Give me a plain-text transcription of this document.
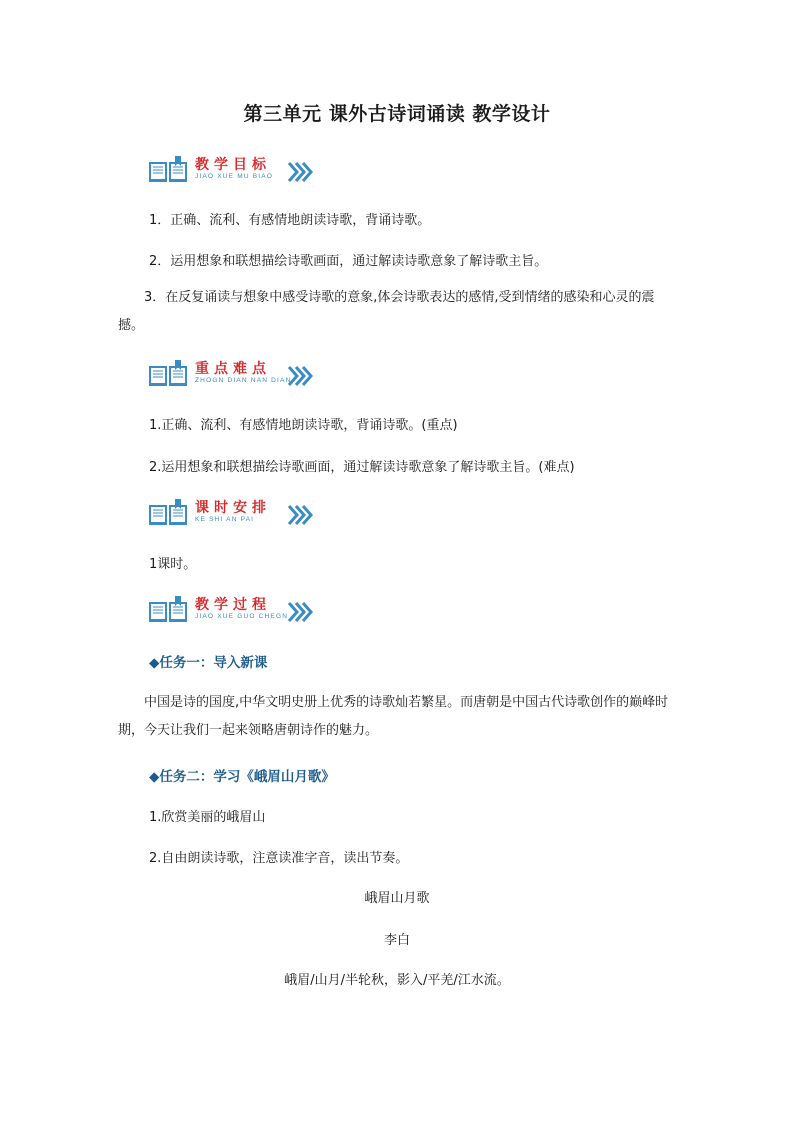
第三单元 课外古诗词诵读 教学设计
教学目标
JIAO XUE MU BIAO
1．正确、流利、有感情地朗读诗歌，背诵诗歌。
2．运用想象和联想描绘诗歌画面，通过解读诗歌意象了解诗歌主旨。
3．在反复诵读与想象中感受诗歌的意象,体会诗歌表达的感情,受到情绪的感染和心灵的震撼。
重点难点
ZHOGN DIAN NAN DIAN
1.正确、流利、有感情地朗读诗歌，背诵诗歌。(重点)
2.运用想象和联想描绘诗歌画面，通过解读诗歌意象了解诗歌主旨。(难点)
课时安排
KE SHI AN PAI
1课时。
教学过程
JIAO XUE GUO CHEGN
◆任务一：导入新课
中国是诗的国度,中华文明史册上优秀的诗歌灿若繁星。而唐朝是中国古代诗歌创作的巅峰时期，今天让我们一起来领略唐朝诗作的魅力。
◆任务二：学习《峨眉山月歌》
1.欣赏美丽的峨眉山
2.自由朗读诗歌，注意读准字音，读出节奏。
峨眉山月歌
李白
峨眉/山月/半轮秋，影入/平羌/江水流。
